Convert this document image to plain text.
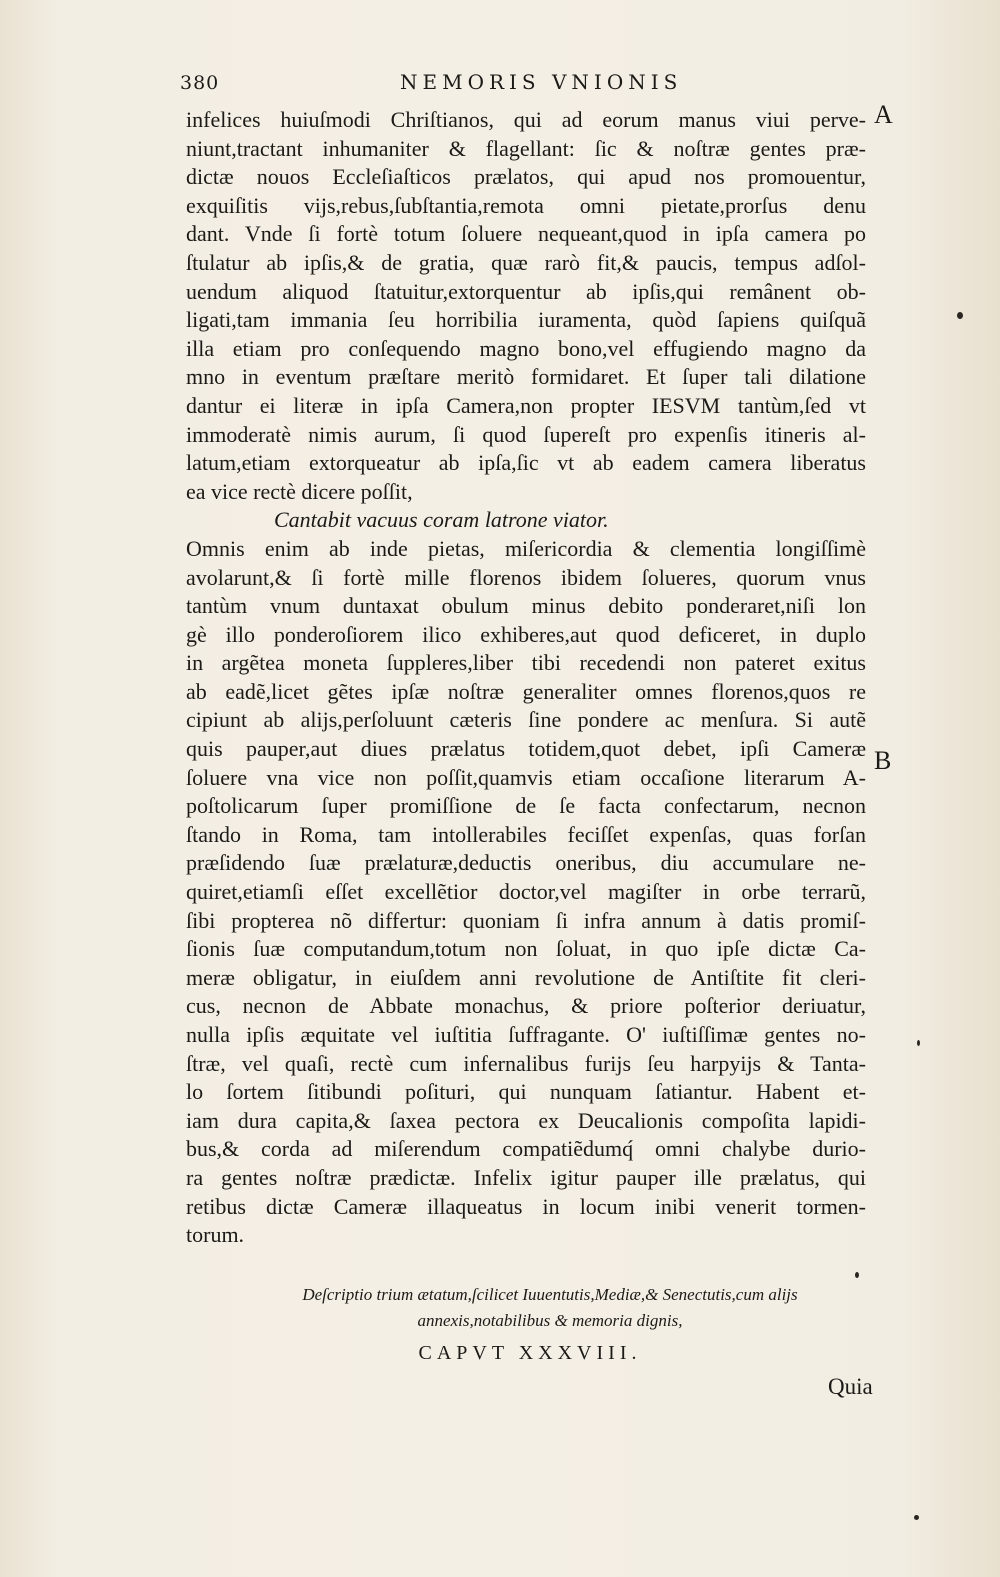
380	NEMORIS VNIONIS
infelices huiuſmodi Chriſtianos, qui ad eorum manus viui perve-
niunt,tractant inhumaniter & flagellant: ſic & noſtræ gentes præ-
dictæ nouos Eccleſiaſticos prælatos, qui apud nos promouentur,
exquiſitis vijs,rebus,ſubſtantia,remota omni pietate,prorſus denu
dant. Vnde ſi fortè totum ſoluere nequeant,quod in ipſa camera po
ſtulatur ab ipſis,& de gratia, quæ rarò fit,& paucis, tempus adſol-
uendum aliquod ſtatuitur,extorquentur ab ipſis,qui remânent ob-
ligati,tam immania ſeu horribilia iuramenta, quòd ſapiens quiſquã
illa etiam pro conſequendo magno bono,vel effugiendo magno da
mno in eventum præſtare meritò formidaret. Et ſuper tali dilatione
dantur ei literæ in ipſa Camera,non propter IESVM tantùm,ſed vt
immoderatè nimis aurum, ſi quod ſupereſt pro expenſis itineris al-
latum,etiam extorqueatur ab ipſa,ſic vt ab eadem camera liberatus
ea vice rectè dicere poſſit,
Cantabit vacuus coram latrone viator.
Omnis enim ab inde pietas, miſericordia & clementia longiſſimè
avolarunt,& ſi fortè mille florenos ibidem ſolueres, quorum vnus
tantùm vnum duntaxat obulum minus debito ponderaret,niſi lon
gè illo ponderoſiorem ilico exhiberes,aut quod deficeret, in duplo
in argẽtea moneta ſuppleres,liber tibi recedendi non pateret exitus
ab eadẽ,licet gẽtes ipſæ noſtræ generaliter omnes florenos,quos re
cipiunt ab alijs,perſoluunt cæteris ſine pondere ac menſura. Si autẽ
quis pauper,aut diues prælatus totidem,quot debet, ipſi Cameræ
ſoluere vna vice non poſſit,quamvis etiam occaſione literarum A-
poſtolicarum ſuper promiſſione de ſe facta confectarum, necnon
ſtando in Roma, tam intollerabiles feciſſet expenſas, quas forſan
præſidendo ſuæ prælaturæ,deductis oneribus, diu accumulare ne-
quiret,etiamſi eſſet excellẽtior doctor,vel magiſter in orbe terrarũ,
ſibi propterea nõ differtur: quoniam ſi infra annum à datis promiſ-
ſionis ſuæ computandum,totum non ſoluat, in quo ipſe dictæ Ca-
meræ obligatur, in eiuſdem anni revolutione de Antiſtite fit cleri-
cus, necnon de Abbate monachus, & priore poſterior deriuatur,
nulla ipſis æquitate vel iuſtitia ſuffragante. O' iuſtiſſimæ gentes no-
ſtræ, vel quaſi, rectè cum infernalibus furijs ſeu harpyijs & Tanta-
lo ſortem ſitibundi poſituri, qui nunquam ſatiantur. Habent et-
iam dura capita,& ſaxea pectora ex Deucalionis compoſita lapidi-
bus,& corda ad miſerendum compatiẽdumq́ omni chalybe durio-
ra gentes noſtræ prædictæ. Infelix igitur pauper ille prælatus, qui
retibus dictæ Cameræ illaqueatus in locum inibi venerit tormen-
torum.
A
B
Deſcriptio trium ætatum,ſcilicet Iuuentutis,Mediæ,& Senectutis,cum alijs
annexis,notabilibus & memoria dignis,
CAPVT XXXVIII.
Quia
